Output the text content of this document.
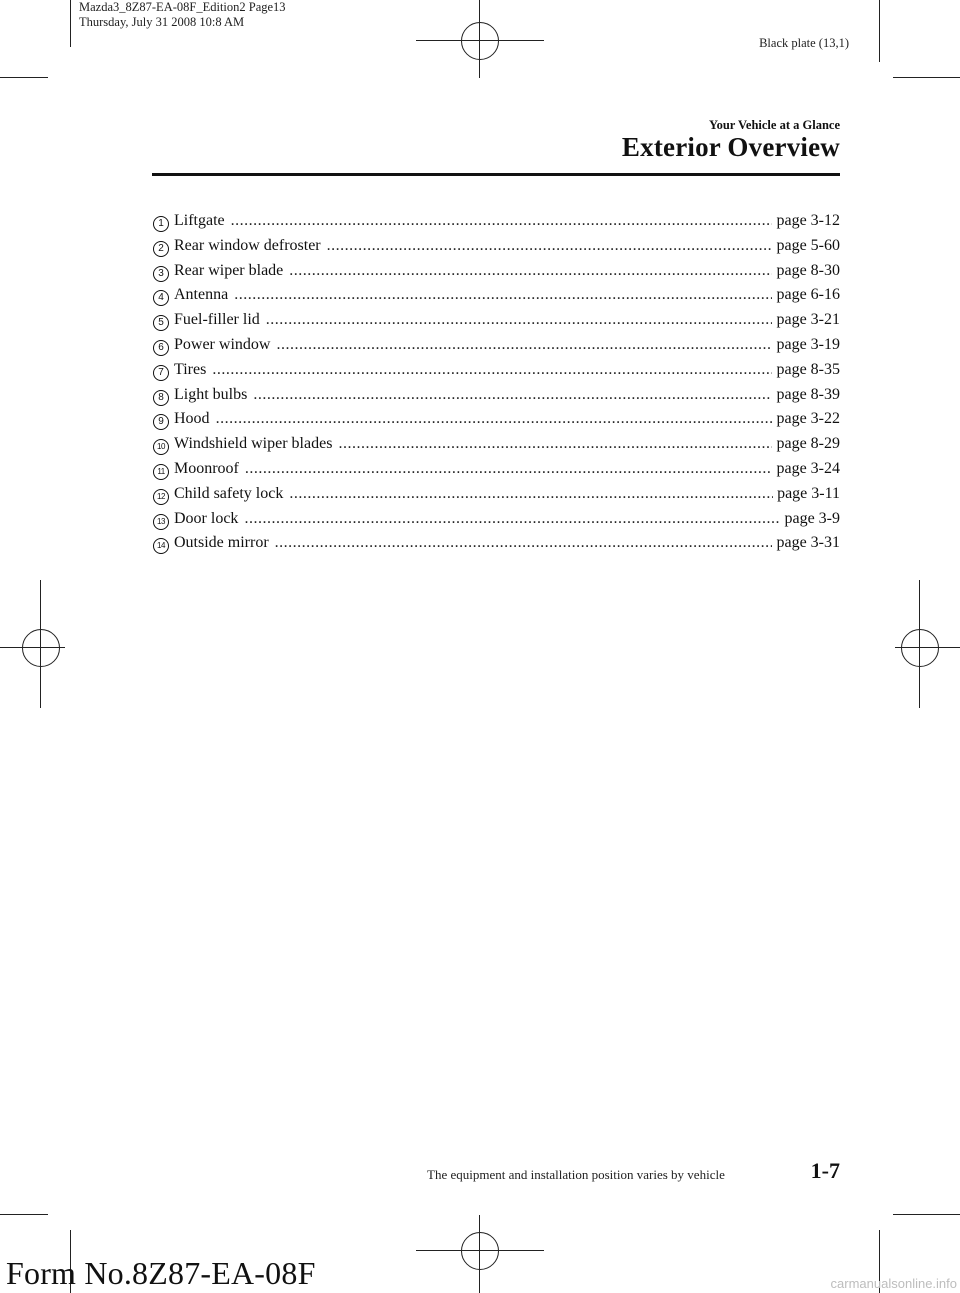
Mazda3_8Z87-EA-08F_Edition2 Page13
Thursday, July 31 2008 10:8 AM
Black plate (13,1)
Your Vehicle at a Glance
Exterior Overview
1 Liftgate .....	page 3-12
2 Rear window defroster .....	page 5-60
3 Rear wiper blade .....	page 8-30
4 Antenna .....	page 6-16
5 Fuel-filler lid .....	page 3-21
6 Power window .....	page 3-19
7 Tires .....	page 8-35
8 Light bulbs .....	page 8-39
9 Hood .....	page 3-22
10 Windshield wiper blades .....	page 8-29
11 Moonroof .....	page 3-24
12 Child safety lock .....	page 3-11
13 Door lock .....	page 3-9
14 Outside mirror .....	page 3-31
The equipment and installation position varies by vehicle	1-7
Form No.8Z87-EA-08F	carmanualsonline.info
